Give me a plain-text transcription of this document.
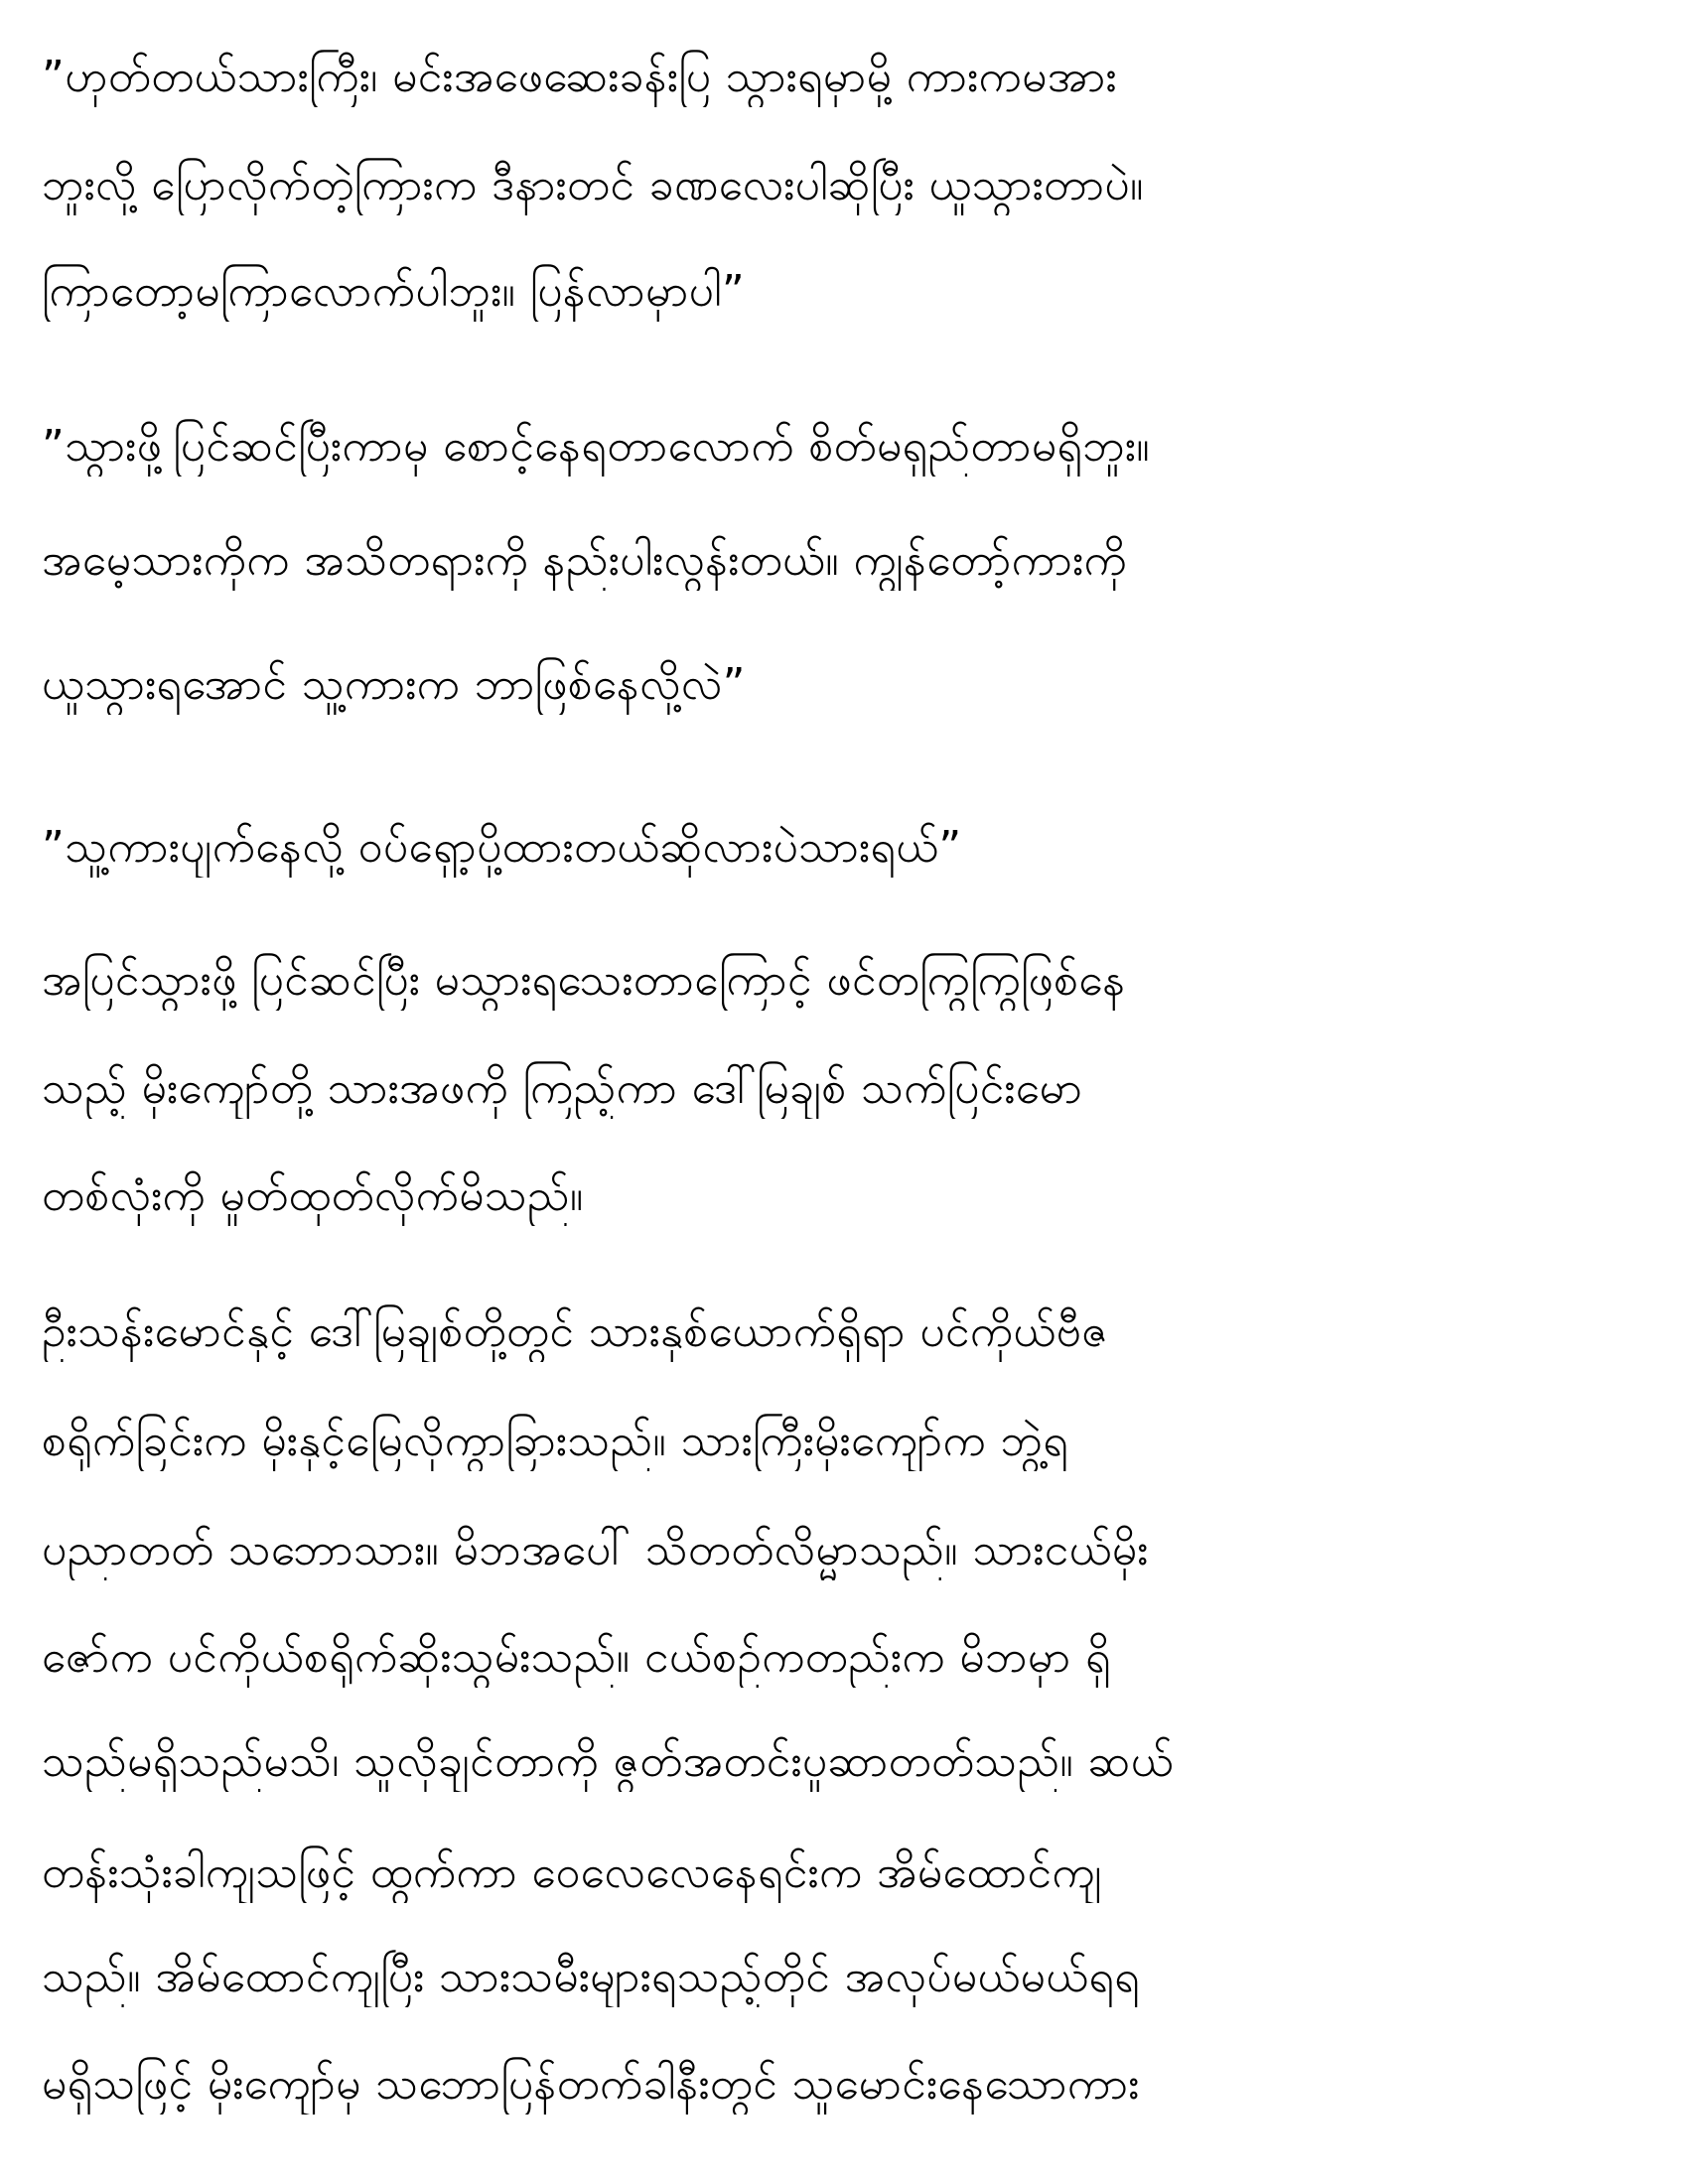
”ဟုတ်တယ်သားကြီး၊ မင်းအဖေဆေးခန်းပြ သွားရမှာမို့ ကားကမအား
ဘူးလို့ ပြောလိုက်တဲ့ကြားက ဒီနားတင် ခဏလေးပါဆိုပြီး ယူသွားတာပဲ။
ကြာတော့မကြာလောက်ပါဘူး။ ပြန်လာမှာပါ”
”သွားဖို့ပြင်ဆင်ပြီးကာမှ စောင့်နေရတာလောက် စိတ်မရှည်တာမရှိဘူး။
အမေ့သားကိုက အသိတရားကို နည်းပါးလွန်းတယ်။ ကျွန်တော့်ကားကို
ယူသွားရအောင် သူ့ကားက ဘာဖြစ်နေလို့လဲ”
”သူ့ကားပျက်နေလို့ ဝပ်ရှော့ပို့ထားတယ်ဆိုလားပဲသားရယ်”
အပြင်သွားဖို့ ပြင်ဆင်ပြီး မသွားရသေးတာကြောင့် ဖင်တကြွကြွဖြစ်နေ
သည့် မိုးကျော်တို့ သားအဖကို ကြည့်ကာ ဒေါ်မြချစ် သက်ပြင်းမော
တစ်လုံးကို မှုတ်ထုတ်လိုက်မိသည်။
ဦးသန်းမောင်နှင့် ဒေါ်မြချစ်တို့တွင် သားနှစ်ယောက်ရှိရာ ပင်ကိုယ်ဗီဇ
စရိုက်ခြင်းက မိုးနှင့်မြေလိုကွာခြားသည်။ သားကြီးမိုးကျော်က ဘွဲ့ရ
ပညာတတ် သဘောသား။ မိဘအပေါ် သိတတ်လိမ္မာသည်။ သားငယ်မိုး
ဇော်က ပင်ကိုယ်စရိုက်ဆိုးသွမ်းသည်။ ငယ်စဉ်ကတည်းက မိဘမှာ ရှိ
သည်မရှိသည်မသိ၊ သူလိုချင်တာကို ဇွတ်အတင်းပူဆာတတ်သည်။ ဆယ်
တန်းသုံးခါကျသဖြင့် ထွက်ကာ ဝေလေလေနေရင်းက အိမ်ထောင်ကျ
သည်။ အိမ်ထောင်ကျပြီး သားသမီးများရသည့်တိုင် အလုပ်မယ်မယ်ရရ
မရှိသဖြင့် မိုးကျော်မှ သဘောပြန်တက်ခါနီးတွင် သူမောင်းနေသောကား
